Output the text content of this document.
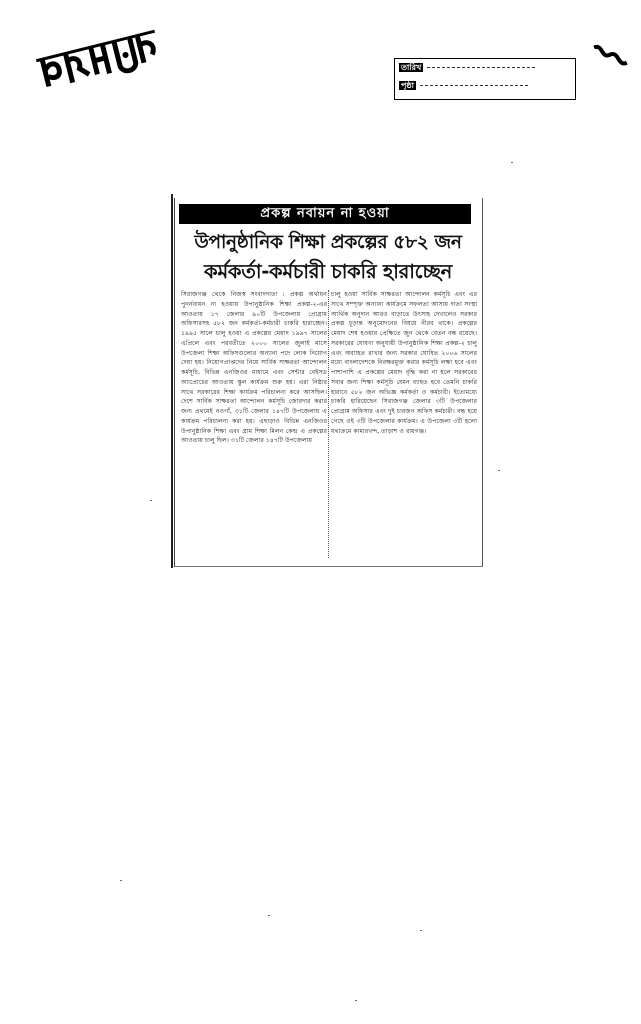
তারিখ
পৃষ্ঠা
প্রকল্প নবায়ন না হওয়া
উপানুষ্ঠানিক শিক্ষা প্রকল্পের ৫৮২ জন
কর্মকর্তা-কর্মচারী চাকরি হারাচ্ছেন
সিরাজগঞ্জ থেকে নিজস্ব সংবাদদাতা : প্রকল্প অর্থায়ন পুনর্নবায়ন না হওয়ায় উপানুষ্ঠানিক শিক্ষা প্রকল্প-২-এর আওতায় ১৭ জেলার ৯০টি উপজেলায় প্রোগ্রাম অফিসারসহ ৫৮২ জন কর্মকর্তা-কর্মচারী চাকরি হারাচ্ছেন। ১৯৯৫ সালে চালু হওয়া এ প্রকল্পের মেয়াদ ১৯৯৭ সালের এপ্রিলে এবং পরবর্তীতে ২০০০ সালের জুলাই মাসে উপজেলা শিক্ষা অফিসগুলোর অন্যান্য পদে লোক নিয়োগ দেয়া হয়। নিয়োগপ্রাপ্তদের নিয়ে সার্বিক সাক্ষরতা আন্দোলন কর্মসূচি, বিভিন্ন এনজিওর মাধ্যমে এবং সেন্টার বেইসড অ্যাপ্রোচের আওতায় স্কুল কার্যক্রম শুরু হয়। এরা নিষ্ঠার সাথে সরকারের শিক্ষা কার্যক্রম পরিচালনা করে আসছিল। দেশে সার্বিক সাক্ষরতা আন্দোলন কর্মসূচি জোরদার করার জন্য প্রথমেই নওগাঁ, ৩১টি জেলার ১৪৭টি উপজেলায় এ কার্যক্রম পরিচালনা করা হয়। এছাড়াও বিভিন্ন এনজিওর উপানুষ্ঠানিক শিক্ষা এবং গ্রাম শিক্ষা মিলন কেন্দ্র এ প্রকল্পের আওতায় চালু ছিল। ৩১টি জেলার ১৪৭টি উপজেলায়
চালু হওয়া সার্বিক সাক্ষরতা আন্দোলন কর্মসূচি এবং এর সাথে সম্পৃক্ত অন্যান্য কার্যক্রমে সফলতা আসায় দাতা সংস্থা আর্থিক অনুদান আরও বাড়াতে উৎসাহ দেখালেও সরকার প্রকল্প চূড়ান্ত অনুমোদনের বিষয়ে নীরব থাকে। প্রকল্পের মেয়াদ শেষ হওয়ার প্রেক্ষিতে জুন থেকে বেতন বন্ধ রয়েছে। সরকারের ঘোষণা অনুযায়ী উপানুষ্ঠানিক শিক্ষা প্রকল্প-২ চালু এবং অব্যাহত রাখার জন্য সরকার ঘোষিত ২০০৬ সালের মধ্যে বাংলাদেশকে নিরক্ষরমুক্ত করার কর্মসূচি লক্ষ্য হবে এবং পাশাপাশি এ প্রকল্পের মেয়াদ বৃদ্ধি করা না হলে সরকারের সবার জন্য শিক্ষা কর্মসূচি যেমন ব্যাহত হবে তেমনি চাকরি হারাবে ৫৮২ জন অভিজ্ঞ কর্মকর্তা ও কর্মচারী। ইতোমধ্যে চাকরি হারিয়েছেন সিরাজগঞ্জ জেলার ৩টি উপজেলার প্রোগ্রাম অফিসার এবং দুই চারজন অফিস কর্মচারী। বন্ধ হয়ে গেছে ওই ৩টি উপজেলার কার্যক্রম। এ উপজেলা ৩টি হলো যথাক্রমে কামারখন্দ, তাড়াশ ও রায়গঞ্জ।
